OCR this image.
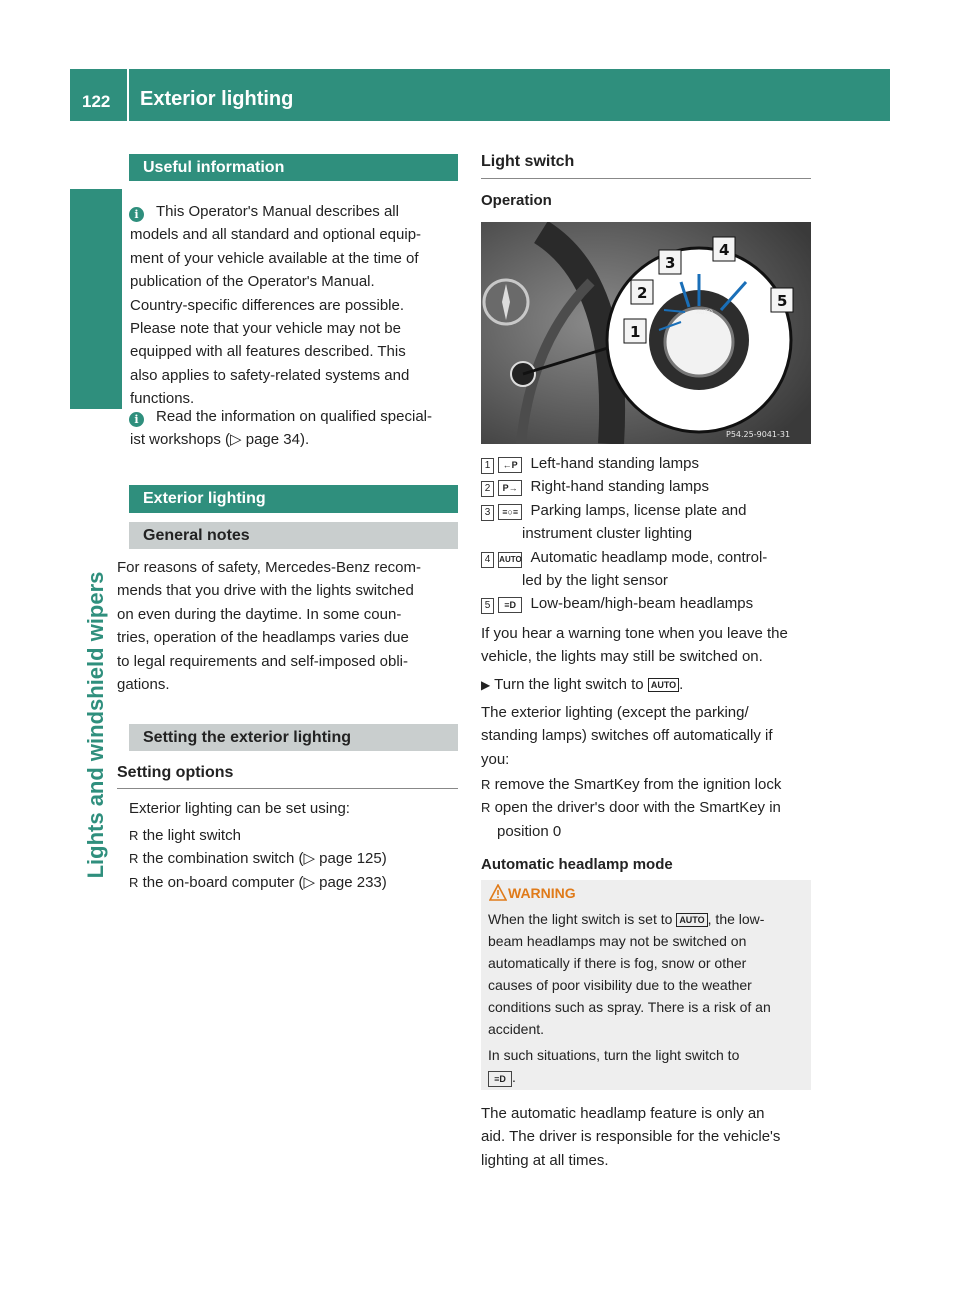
122 Exterior lighting
Lights and windshield wipers
Useful information
i	This Operator's Manual describes all
models and all standard and optional equip-
ment of your vehicle available at the time of
publication of the Operator's Manual.
Country-specific differences are possible.
Please note that your vehicle may not be
equipped with all features described. This
also applies to safety-related systems and
functions.
i	Read the information on qualified special-
ist workshops (▷ page 34).
Exterior lighting
General notes
For reasons of safety, Mercedes-Benz recom-
mends that you drive with the lights switched
on even during the daytime. In some coun-
tries, operation of the headlamps varies due
to legal requirements and self-imposed obli-
gations.
Setting the exterior lighting
Setting options
Exterior lighting can be set using:
R the light switch
R the combination switch (▷ page 125)
R the on-board computer (▷ page 233)
Light switch
Operation
AUTO
1
2
3
4
5
P54.25-9041-31
1 ←P Left-hand standing lamps
2 P→ Right-hand standing lamps
3 ≡○≡ Parking lamps, license plate and
instrument cluster lighting
4 AUTO Automatic headlamp mode, control-
led by the light sensor
5 ≡D Low-beam/high-beam headlamps
If you hear a warning tone when you leave the
vehicle, the lights may still be switched on.
▶ Turn the light switch to AUTO .
The exterior lighting (except the parking/
standing lamps) switches off automatically if
you:
R remove the SmartKey from the ignition lock
R open the driver's door with the SmartKey in
position 0
Automatic headlamp mode
WARNING
When the light switch is set to AUTO , the low-
beam headlamps may not be switched on
automatically if there is fog, snow or other
causes of poor visibility due to the weather
conditions such as spray. There is a risk of an
accident.
In such situations, turn the light switch to
≡D .
The automatic headlamp feature is only an
aid. The driver is responsible for the vehicle's
lighting at all times.
